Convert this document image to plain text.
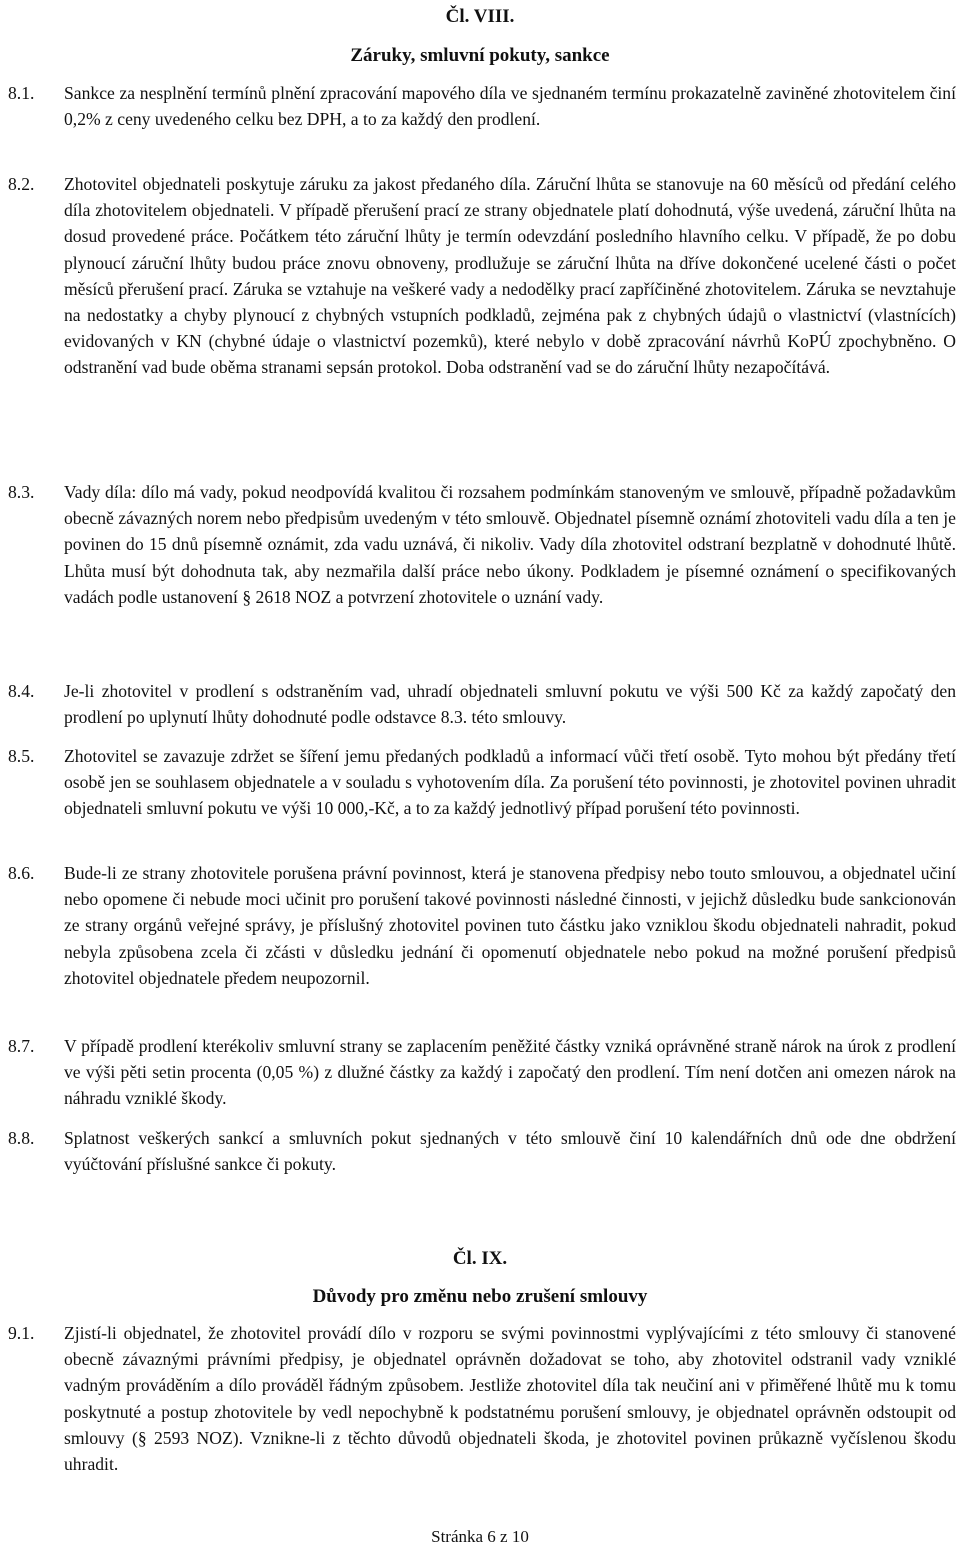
Čl. VIII.
Záruky, smluvní pokuty, sankce
8.1.	Sankce za nesplnění termínů plnění zpracování mapového díla ve sjednaném termínu prokazatelně zaviněné zhotovitelem činí 0,2% z ceny uvedeného celku bez DPH, a to za každý den prodlení.
8.2.	Zhotovitel objednateli poskytuje záruku za jakost předaného díla. Záruční lhůta se stanovuje na 60 měsíců od předání celého díla zhotovitelem objednateli. V případě přerušení prací ze strany objednatele platí dohodnutá, výše uvedená, záruční lhůta na dosud provedené práce. Počátkem této záruční lhůty je termín odevzdání posledního hlavního celku. V případě, že po dobu plynoucí záruční lhůty budou práce znovu obnoveny, prodlužuje se záruční lhůta na dříve dokončené ucelené části o počet měsíců přerušení prací. Záruka se vztahuje na veškeré vady a nedodělky prací zapříčiněné zhotovitelem. Záruka se nevztahuje na nedostatky a chyby plynoucí z chybných vstupních podkladů, zejména pak z chybných údajů o vlastnictví (vlastnících) evidovaných v KN (chybné údaje o vlastnictví pozemků), které nebylo v době zpracování návrhů KoPÚ zpochybněno. O odstranění vad bude oběma stranami sepsán protokol. Doba odstranění vad se do záruční lhůty nezapočítává.
8.3.	Vady díla: dílo má vady, pokud neodpovídá kvalitou či rozsahem podmínkám stanoveným ve smlouvě, případně požadavkům obecně závazných norem nebo předpisům uvedeným v této smlouvě. Objednatel písemně oznámí zhotoviteli vadu díla a ten je povinen do 15 dnů písemně oznámit, zda vadu uznává, či nikoliv. Vady díla zhotovitel odstraní bezplatně v dohodnuté lhůtě. Lhůta musí být dohodnuta tak, aby nezmařila další práce nebo úkony. Podkladem je písemné oznámení o specifikovaných vadách podle ustanovení § 2618 NOZ a potvrzení zhotovitele o uznání vady.
8.4.	Je-li zhotovitel v prodlení s odstraněním vad, uhradí objednateli smluvní pokutu ve výši 500 Kč za každý započatý den prodlení po uplynutí lhůty dohodnuté podle odstavce 8.3. této smlouvy.
8.5.	Zhotovitel se zavazuje zdržet se šíření jemu předaných podkladů a informací vůči třetí osobě. Tyto mohou být předány třetí osobě jen se souhlasem objednatele a v souladu s vyhotovením díla. Za porušení této povinnosti, je zhotovitel povinen uhradit objednateli smluvní pokutu ve výši 10 000,-Kč, a to za každý jednotlivý případ porušení této povinnosti.
8.6.	Bude-li ze strany zhotovitele porušena právní povinnost, která je stanovena předpisy nebo touto smlouvou, a objednatel učiní nebo opomene či nebude moci učinit pro porušení takové povinnosti následné činnosti, v jejichž důsledku bude sankcionován ze strany orgánů veřejné správy, je příslušný zhotovitel povinen tuto částku jako vzniklou škodu objednateli nahradit, pokud nebyla způsobena zcela či zčásti v důsledku jednání či opomenutí objednatele nebo pokud na možné porušení předpisů zhotovitel objednatele předem neupozornil.
8.7.	V případě prodlení kterékoliv smluvní strany se zaplacením peněžité částky vzniká oprávněné straně nárok na úrok z prodlení ve výši pěti setin procenta (0,05 %) z dlužné částky za každý i započatý den prodlení. Tím není dotčen ani omezen nárok na náhradu vzniklé škody.
8.8.	Splatnost veškerých sankcí a smluvních pokut sjednaných v této smlouvě činí 10 kalendářních dnů ode dne obdržení vyúčtování příslušné sankce či pokuty.
Čl. IX.
Důvody pro změnu nebo zrušení smlouvy
9.1.	Zjistí-li objednatel, že zhotovitel provádí dílo v rozporu se svými povinnostmi vyplývajícími z této smlouvy či stanovené obecně závaznými právními předpisy, je objednatel oprávněn dožadovat se toho, aby zhotovitel odstranil vady vzniklé vadným prováděním a dílo prováděl řádným způsobem. Jestliže zhotovitel díla tak neučiní ani v přiměřené lhůtě mu k tomu poskytnuté a postup zhotovitele by vedl nepochybně k podstatnému porušení smlouvy, je objednatel oprávněn odstoupit od smlouvy (§ 2593 NOZ). Vznikne-li z těchto důvodů objednateli škoda, je zhotovitel povinen průkazně vyčíslenou škodu uhradit.
Stránka 6 z 10
